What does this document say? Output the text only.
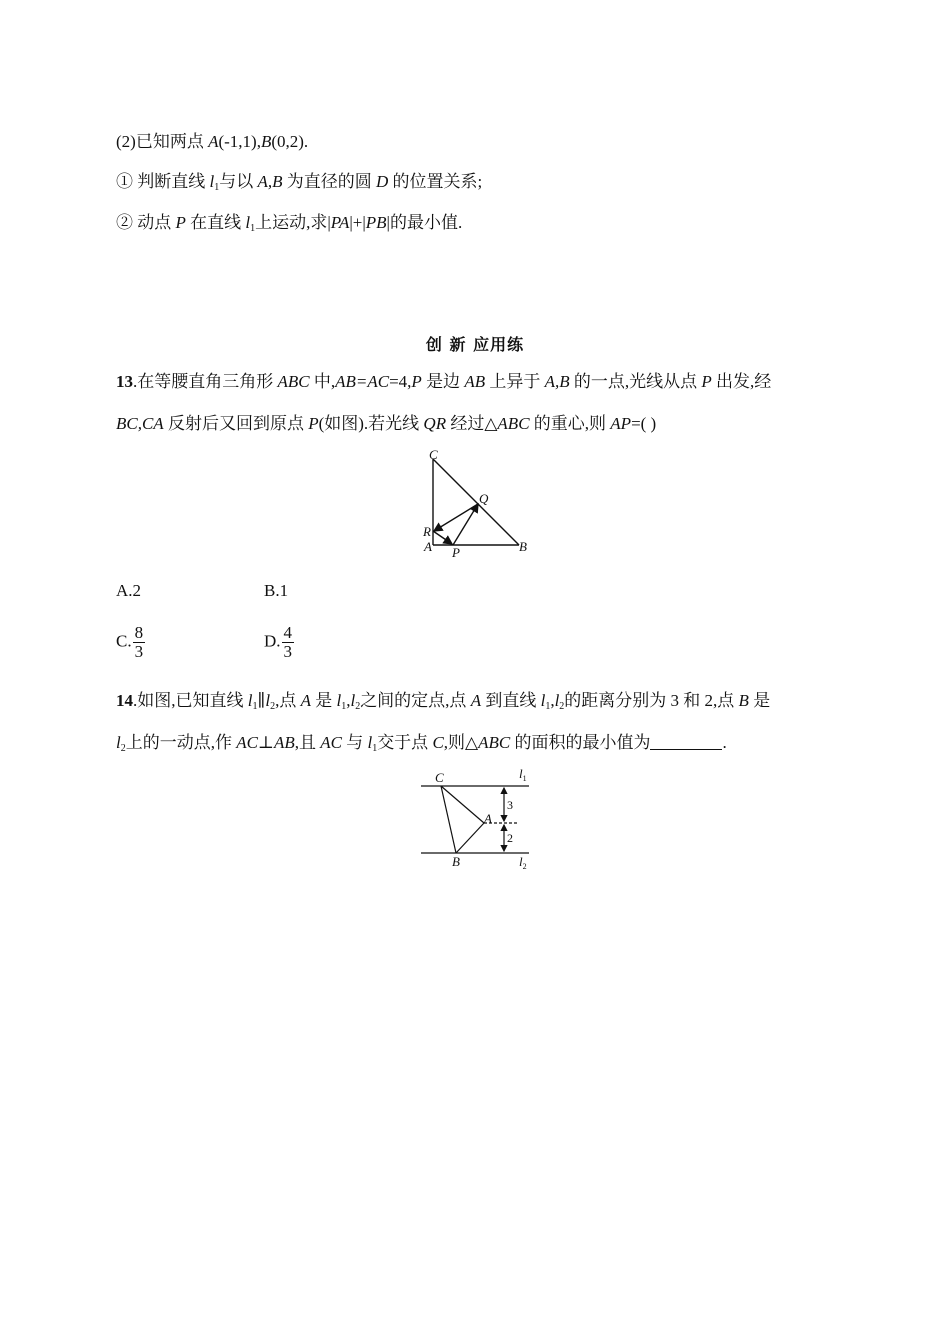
(2)已知两点 A(-1,1),B(0,2).
① 判断直线 $l_1$与以 A,B 为直径的圆 D 的位置关系;
② 动点 P 在直线 $l_1$上运动,求|PA|+|PB|的最小值.
创 新 应用练
13.在等腰直角三角形 ABC 中,AB=AC=4,P 是边 AB 上异于 A,B 的一点,光线从点 P 出发,经
BC,CA 反射后又回到原点 P(如图).若光线 QR 经过△ABC 的重心,则 AP=( )
C
Q
R
A P	B
A.2	B.1
C. $\frac{8}{3}$	D. $\frac{4}{3}$
14.如图,已知直线 $l_1\parallel l_2$,点 A 是 $l_1,l_2$之间的定点,点 A 到直线 $l_1,l_2$的距离分别为 3 和 2,点 B 是
$l_2$上的一动点,作 AC⊥AB,且 AC 与 $l_1$交于点 C,则△ABC 的面积的最小值为	.
C
A
B
$l_1$
$l_2$
3
2
